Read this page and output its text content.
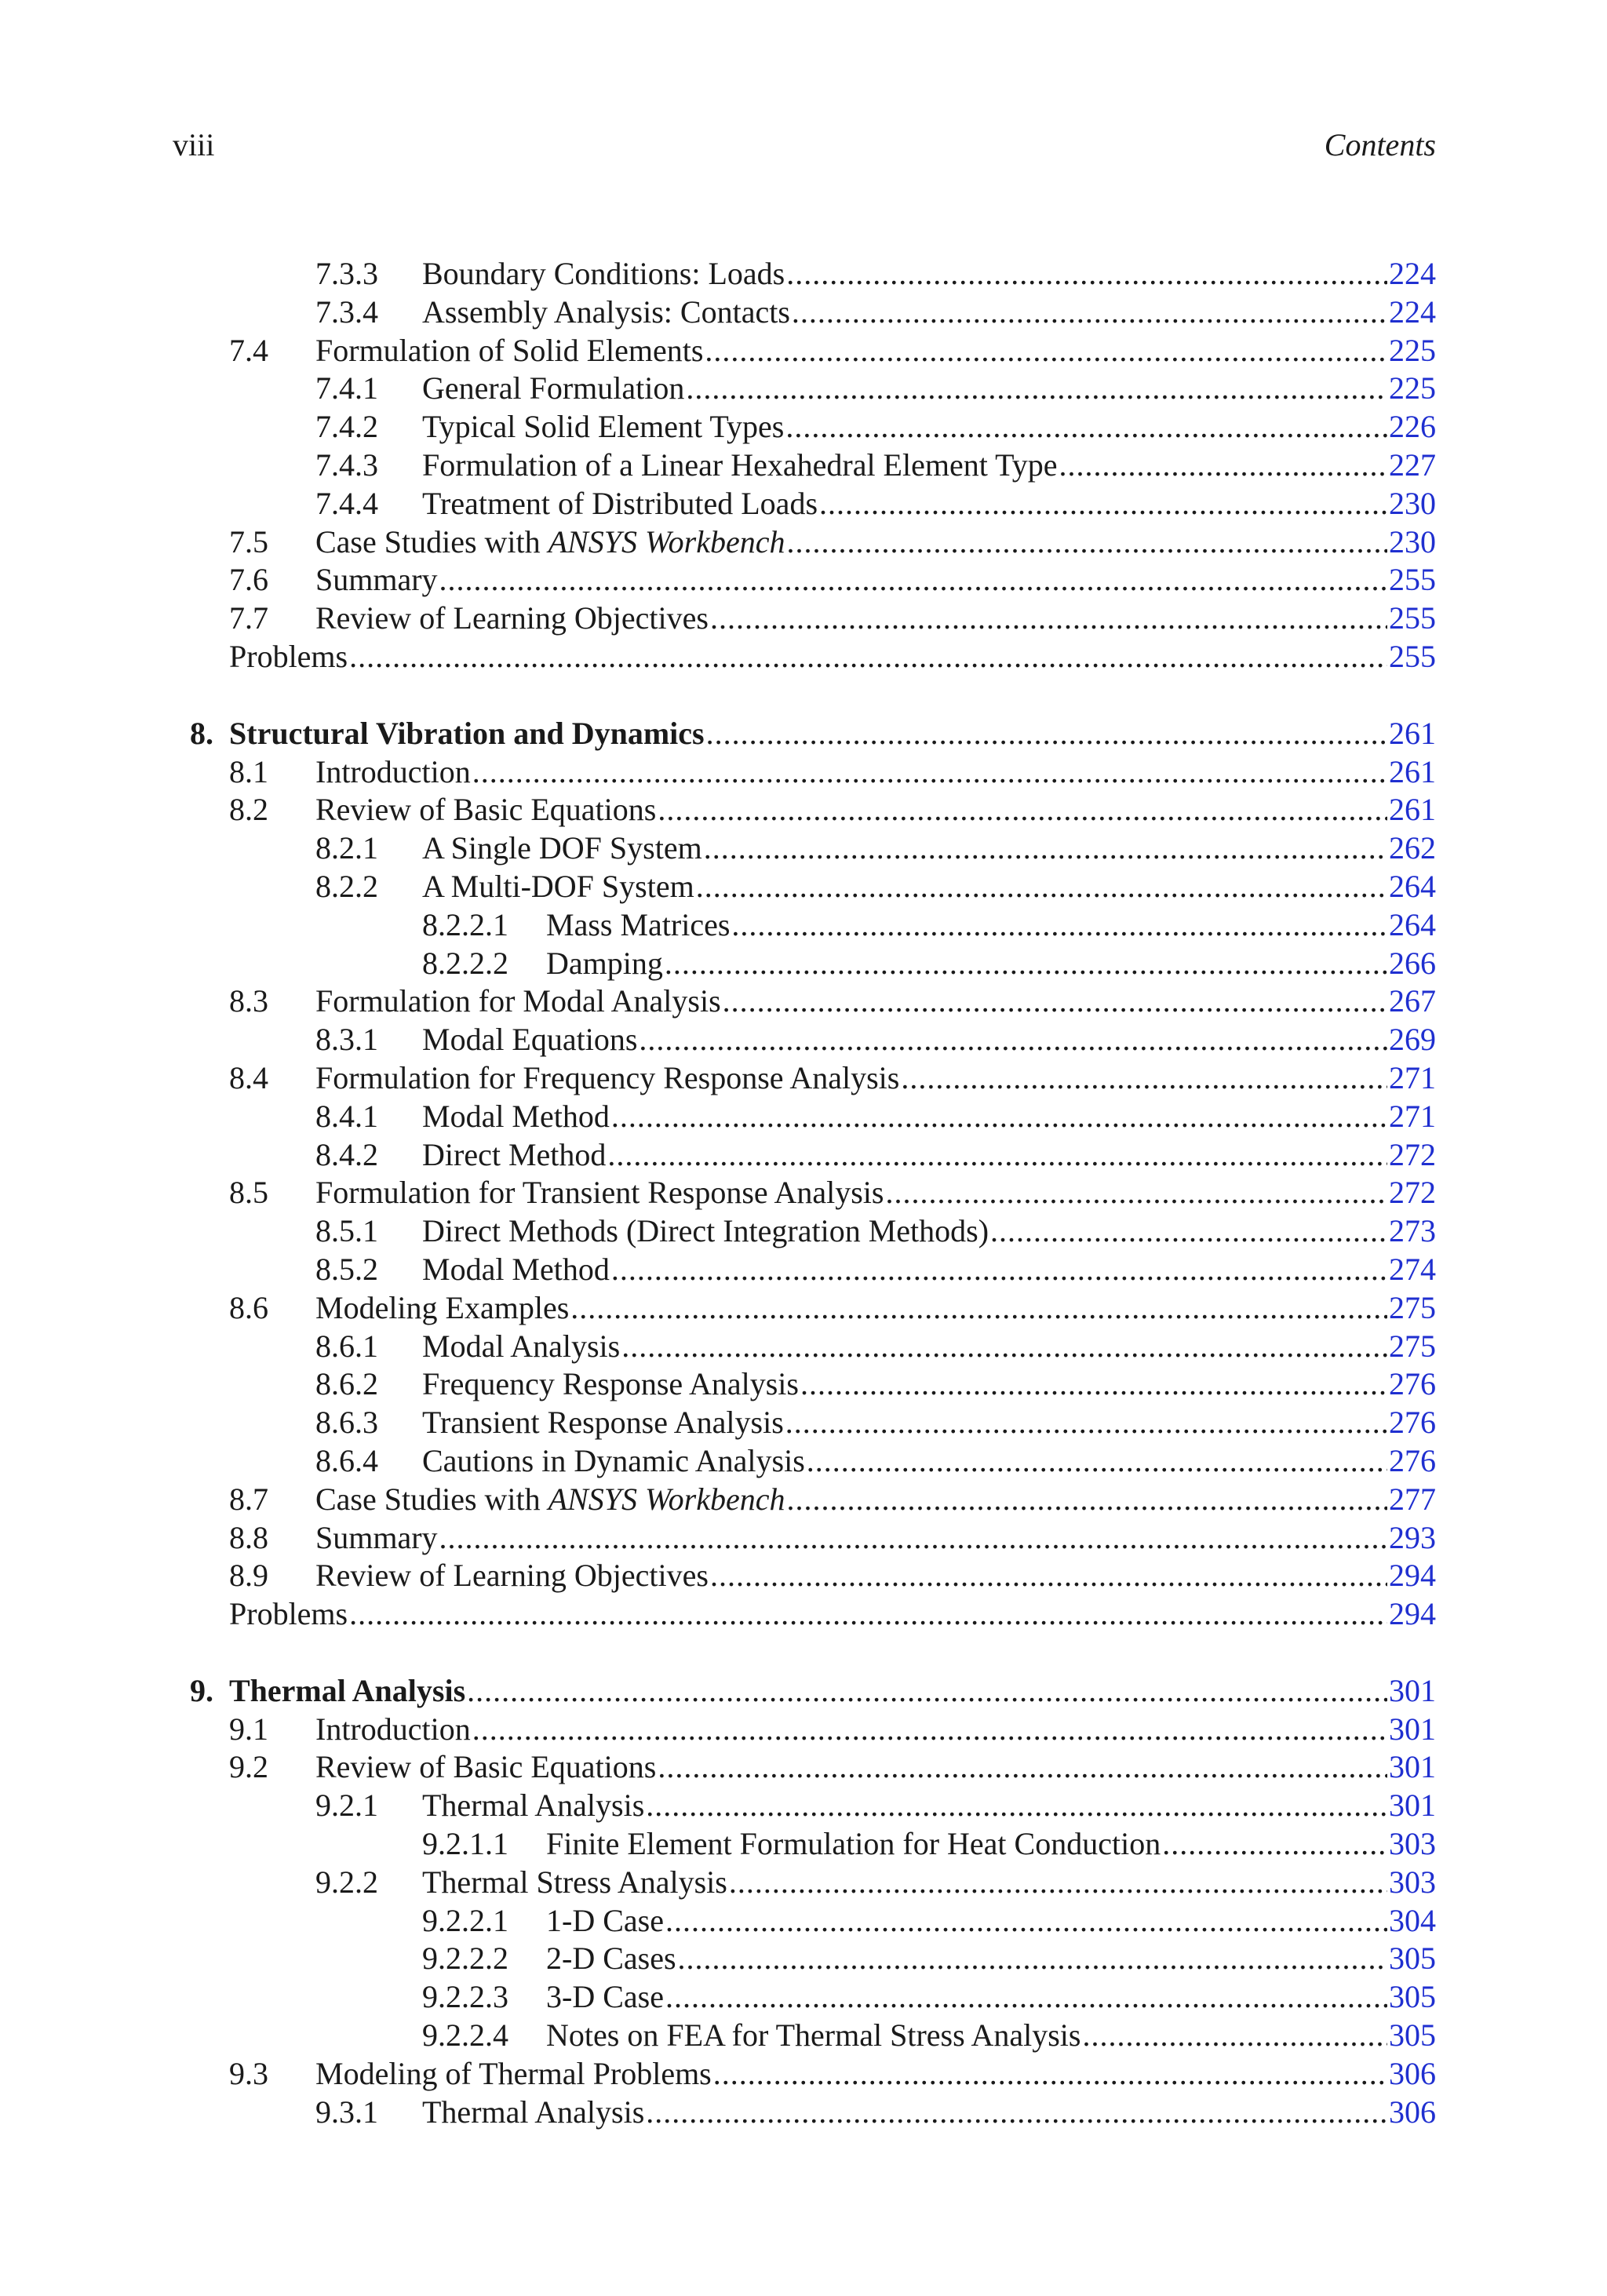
viii	Contents
7.3.3 Boundary Conditions: Loads .....	224
7.3.4 Assembly Analysis: Contacts .....	224
7.4 Formulation of Solid Elements .....	225
7.4.1 General Formulation .....	225
7.4.2 Typical Solid Element Types .....	226
7.4.3 Formulation of a Linear Hexahedral Element Type .....	227
7.4.4 Treatment of Distributed Loads .....	230
7.5 Case Studies with ANSYS Workbench .....	230
7.6 Summary .....	255
7.7 Review of Learning Objectives .....	255
Problems .....	255
8. Structural Vibration and Dynamics .....	261
8.1 Introduction .....	261
8.2 Review of Basic Equations .....	261
8.2.1 A Single DOF System .....	262
8.2.2 A Multi-DOF System .....	264
8.2.2.1 Mass Matrices .....	264
8.2.2.2 Damping .....	266
8.3 Formulation for Modal Analysis .....	267
8.3.1 Modal Equations .....	269
8.4 Formulation for Frequency Response Analysis .....	271
8.4.1 Modal Method .....	271
8.4.2 Direct Method .....	272
8.5 Formulation for Transient Response Analysis .....	272
8.5.1 Direct Methods (Direct Integration Methods) .....	273
8.5.2 Modal Method .....	274
8.6 Modeling Examples .....	275
8.6.1 Modal Analysis .....	275
8.6.2 Frequency Response Analysis .....	276
8.6.3 Transient Response Analysis .....	276
8.6.4 Cautions in Dynamic Analysis .....	276
8.7 Case Studies with ANSYS Workbench .....	277
8.8 Summary .....	293
8.9 Review of Learning Objectives .....	294
Problems .....	294
9. Thermal Analysis .....	301
9.1 Introduction .....	301
9.2 Review of Basic Equations .....	301
9.2.1 Thermal Analysis .....	301
9.2.1.1 Finite Element Formulation for Heat Conduction .....	303
9.2.2 Thermal Stress Analysis .....	303
9.2.2.1 1-D Case .....	304
9.2.2.2 2-D Cases .....	305
9.2.2.3 3-D Case .....	305
9.2.2.4 Notes on FEA for Thermal Stress Analysis .....	305
9.3 Modeling of Thermal Problems .....	306
9.3.1 Thermal Analysis .....	306
